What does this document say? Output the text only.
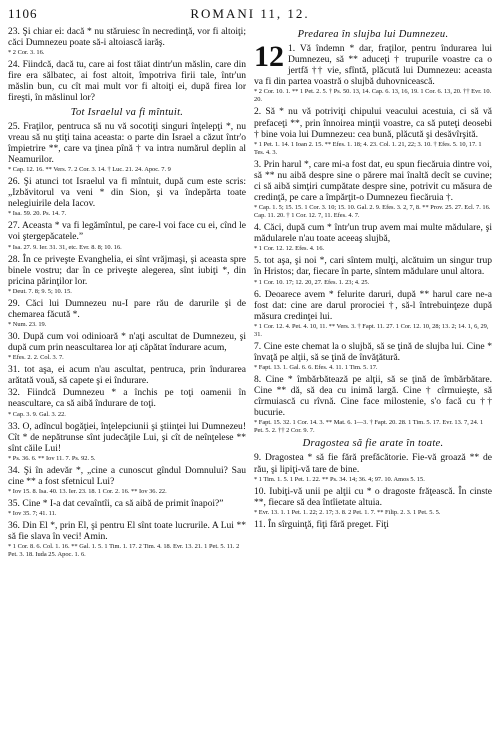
1106	ROMANI 11, 12.

23. Şi chiar ei: dacă * nu stăruiesc în necredinţă, vor fi altoiţi; căci Dumnezeu poate să-i altoiască iarăş.

* 2 Cor. 3. 16.

24. Fiindcă, dacă tu, care ai fost tăiat dintr'un măslin, care din fire era sălbatec, ai fost altoit, împotriva firii tale, într'un măslin bun, cu cît mai mult vor fi altoiţi ei, după firea lor fireşti, în măslinul lor?

Tot Israelul va fi mîntuit.

25. Fraţilor, pentruca să nu vă socotiţi singuri înţelepţi *, nu vreau să nu ştiţi taina aceasta: o parte din Israel a căzut într'o împietrire **, care va ţinea pînă † va intra numărul deplin al Neamurilor.

* Cap. 12. 16. ** Vers. 7. 2 Cor. 3. 14. † Luc. 21. 24. Apoc. 7. 9

26. Şi atunci tot Israelul va fi mîntuit, după cum este scris: „Izbăvitorul va veni * din Sion, şi va îndepărta toate nelegiuirile dela Iacov.

* Isa. 59. 20. Ps. 14. 7.

27. Aceasta * va fi legămîntul, pe care-l voi face cu ei, cînd le voi ştergepăcatele.”

* Isa. 27. 9. Ier. 31. 31, etc. Evr. 8. 8; 10. 16.

28. În ce priveşte Evanghelia, ei sînt vrăjmaşi, şi aceasta spre binele vostru; dar în ce priveşte alegerea, sînt iubiţi *, din pricina părinţilor lor.

* Deut. 7. 8; 9. 5; 10. 15.

29. Căci lui Dumnezeu nu-I pare rău de darurile şi de chemarea făcută *.

* Num. 23. 19.

30. După cum voi odinioară * n'aţi ascultat de Dumnezeu, şi după cum prin neascultarea lor aţi căpătat îndurare acum,

* Efes. 2. 2. Col. 3. 7.

31. tot aşa, ei acum n'au ascultat, pentruca, prin îndurarea arătată vouă, să capete şi ei îndurare.

32. Fiindcă Dumnezeu * a închis pe toţi oamenii în neascultare, ca să aibă îndurare de toţi.

* Cap. 3. 9. Gal. 3. 22.

33. O, adîncul bogăţiei, înţelepciunii şi ştiinţei lui Dumnezeu! Cît * de nepătrunse sînt judecăţile Lui, şi cît de neînţelese ** sînt căile Lui!

* Ps. 36. 6. ** Iov 11. 7. Ps. 92. 5.

34. Şi în adevăr *, „cine a cunoscut gîndul Domnului? Sau cine ** a fost sfetnicul Lui?

* Iov 15. 8. Isa. 40. 13. Ier. 23. 18. 1 Cor. 2. 16. ** Iov 36. 22.

35. Cine * I-a dat cevaîntîi, ca să aibă de primit înapoi?”

* Iov 35. 7; 41. 11.

36. Din El *, prin El, şi pentru El sînt toate lucrurile. A Lui ** să fie slava în veci! Amin.

* 1 Cor. 8. 6. Col. 1. 16. ** Gal. 1. 5. 1 Tim. 1. 17. 2 Tim. 4. 18. Evr. 13. 21. 1 Pet. 5. 11. 2 Pet. 3. 18. Iuda 25. Apoc. 1. 6.

Predarea în slujba lui Dumnezeu.

12 1. Vă îndemn * dar, fraţilor, pentru îndurarea lui Dumnezeu, să ** aduceţi † trupurile voastre ca o jertfă †† vie, sfîntă, plăcută lui Dumnezeu: aceasta va fi din partea voastră o slujbă duhovnicească.

* 2 Cor. 10. 1. ** 1 Pet. 2. 5. † Ps. 50. 13, 14. Cap. 6. 13, 16, 19. 1 Cor. 6. 13, 20. †† Evr. 10. 20.

2. Să * nu vă potriviţi chipului veacului acestuia, ci să vă prefaceţi **, prin înnoirea minţii voastre, ca să puteţi deosebi † bine voia lui Dumnezeu: cea bună, plăcută şi desăvîrşită.

* 1 Pet. 1. 14. 1 Ioan 2. 15. ** Efes. 1. 18; 4. 23. Col. 1. 21, 22; 3. 10. † Efes. 5. 10, 17. 1 Tes. 4. 3.

3. Prin harul *, care mi-a fost dat, eu spun fiecăruia dintre voi, să ** nu aibă despre sine o părere mai înaltă decît se cuvine; ci să aibă simţiri cumpătate despre sine, potrivit cu măsura de credinţă, pe care a împărţit-o Dumnezeu fiecăruia †.

* Cap. 1. 5; 15. 15. 1 Cor. 3. 10; 15. 10. Gal. 2. 9. Efes. 3. 2, 7, 8. ** Prov. 25. 27. Ecl. 7. 16. Cap. 11. 20. † 1 Cor. 12. 7, 11. Efes. 4. 7.

4. Căci, după cum * într'un trup avem mai multe mădulare, şi mădularele n'au toate aceeaş slujbă,

* 1 Cor. 12. 12. Efes. 4. 16.

5. tot aşa, şi noi *, cari sîntem mulţi, alcătuim un singur trup în Hristos; dar, fiecare în parte, sîntem mădulare unul altora.

* 1 Cor. 10. 17; 12. 20, 27. Efes. 1. 23; 4. 25.

6. Deoarece avem * felurite daruri, după ** harul care ne-a fost dat: cine are darul prorociei †, să-l întrebuinţeze după măsura credinţei lui.

* 1 Cor. 12. 4. Pet. 4. 10, 11. ** Vers. 3. † Fapt. 11. 27. 1 Cor. 12. 10, 28; 13. 2; 14. 1, 6, 29, 31.

7. Cine este chemat la o slujbă, să se ţină de slujba lui. Cine * învaţă pe alţii, să se ţină de învăţătură.

* Fapt. 13. 1. Gal. 6. 6. Efes. 4. 11. 1 Tim. 5. 17.

8. Cine * îmbărbătează pe alţii, să se ţină de îmbărbătare. Cine ** dă, să dea cu inimă largă. Cine † cîrmuieşte, să cîrmuiască cu rîvnă. Cine face milostenie, s'o facă cu †† bucurie.

* Fapt. 15. 32. 1 Cor. 14. 3. ** Mat. 6. 1—3. † Fapt. 20. 28. 1 Tim. 5. 17. Evr. 13. 7, 24. 1 Pet. 5. 2. †† 2 Cor. 9. 7.

Dragostea să fie arate în toate.

9. Dragostea * să fie fără prefăcătorie. Fie-vă groază ** de rău, şi lipiţi-vă tare de bine.

* 1 Tim. 1. 5. 1 Pet. 1. 22. ** Ps. 34. 14; 36. 4; 97. 10. Amos 5. 15.

10. Iubiţi-vă unii pe alţii cu * o dragoste frăţească. În cinste **, fiecare să dea întîietate altuia.

* Evr. 13. 1. 1 Pet. 1. 22; 2. 17; 3. 8. 2 Pet. 1. 7. ** Filip. 2. 3. 1 Pet. 5. 5.

11. În sîrguinţă, fiţi fără preget. Fiţi
